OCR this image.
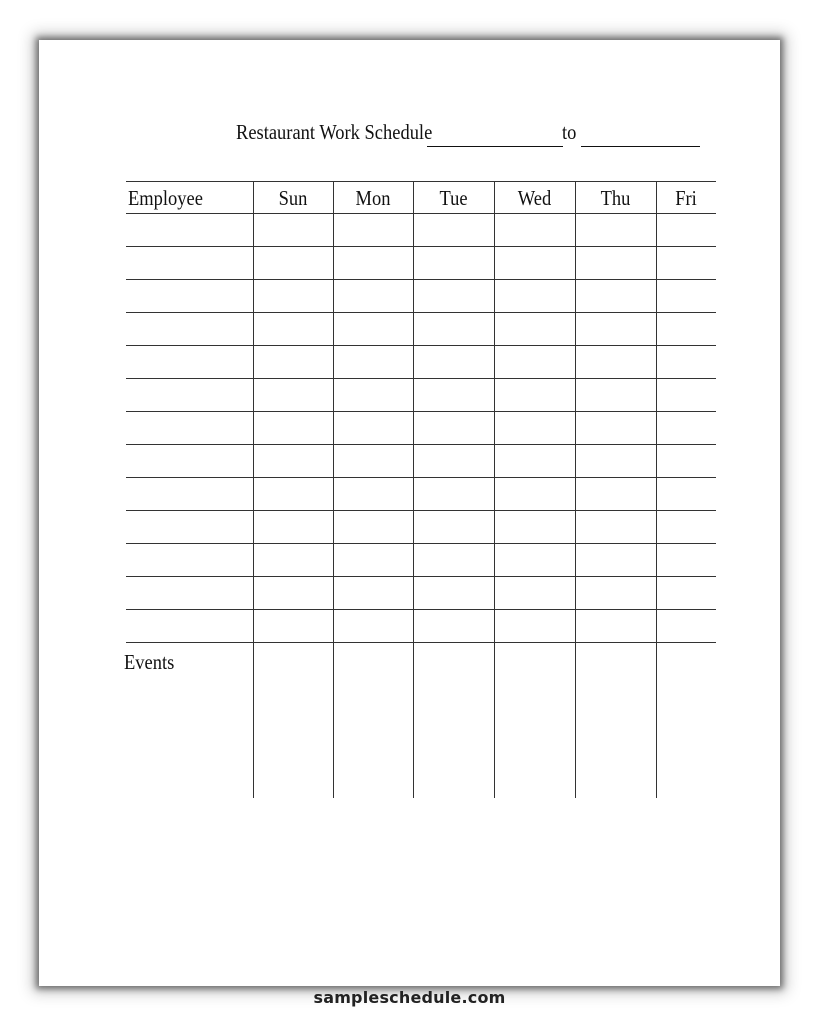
Restaurant Work Schedule	to
Employee	Sun	Mon	Tue	Wed	Thu	Fri
Events
sampleschedule.com
